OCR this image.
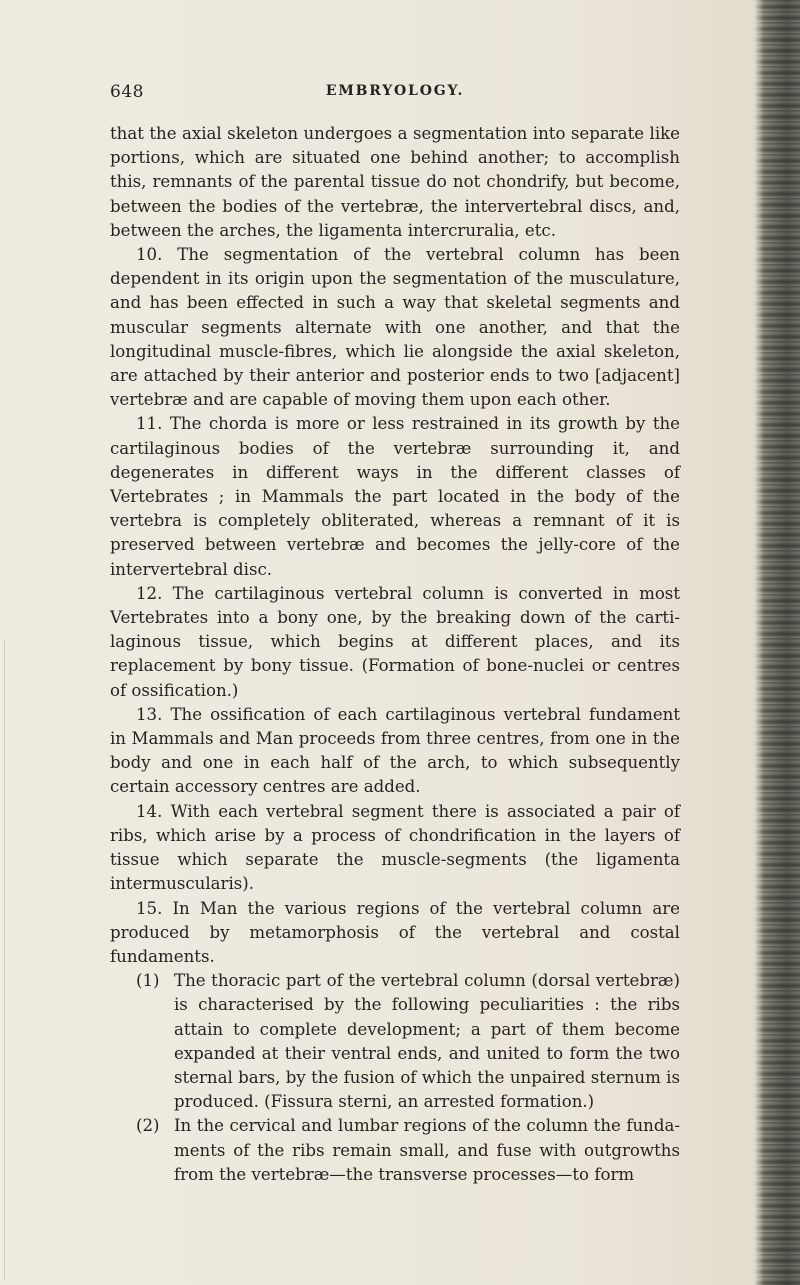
648	EMBRYOLOGY.

that the axial skeleton undergoes a segmentation into separate like portions, which are situated one behind another; to accomplish this, remnants of the parental tissue do not chondrify, but become, between the bodies of the vertebræ, the intervertebral discs, and, between the arches, the ligamenta intercruralia, etc.

10. The segmentation of the vertebral column has been dependent in its origin upon the segmentation of the musculature, and has been effected in such a way that skeletal segments and muscular segments alternate with one another, and that the longitudinal muscle-fibres, which lie alongside the axial skeleton, are attached by their anterior and posterior ends to two [adjacent] vertebræ and are capable of moving them upon each other.

11. The chorda is more or less restrained in its growth by the cartilaginous bodies of the vertebræ surrounding it, and degenerates in different ways in the different classes of Vertebrates ; in Mammals the part located in the body of the vertebra is completely obliterated, whereas a remnant of it is preserved between vertebræ and becomes the jelly-core of the intervertebral disc.

12. The cartilaginous vertebral column is converted in most Vertebrates into a bony one, by the breaking down of the cartilaginous tissue, which begins at different places, and its replacement by bony tissue. (Formation of bone-nuclei or centres of ossification.)

13. The ossification of each cartilaginous vertebral fundament in Mammals and Man proceeds from three centres, from one in the body and one in each half of the arch, to which subsequently certain accessory centres are added.

14. With each vertebral segment there is associated a pair of ribs, which arise by a process of chondrification in the layers of tissue which separate the muscle-segments (the ligamenta intermuscularis).

15. In Man the various regions of the vertebral column are produced by metamorphosis of the vertebral and costal fundaments.

(1) The thoracic part of the vertebral column (dorsal vertebræ) is characterised by the following peculiarities : the ribs attain to complete development; a part of them become expanded at their ventral ends, and united to form the two sternal bars, by the fusion of which the unpaired sternum is produced. (Fissura sterni, an arrested formation.)
(2) In the cervical and lumbar regions of the column the fundaments of the ribs remain small, and fuse with outgrowths from the vertebræ—the transverse processes—to form
